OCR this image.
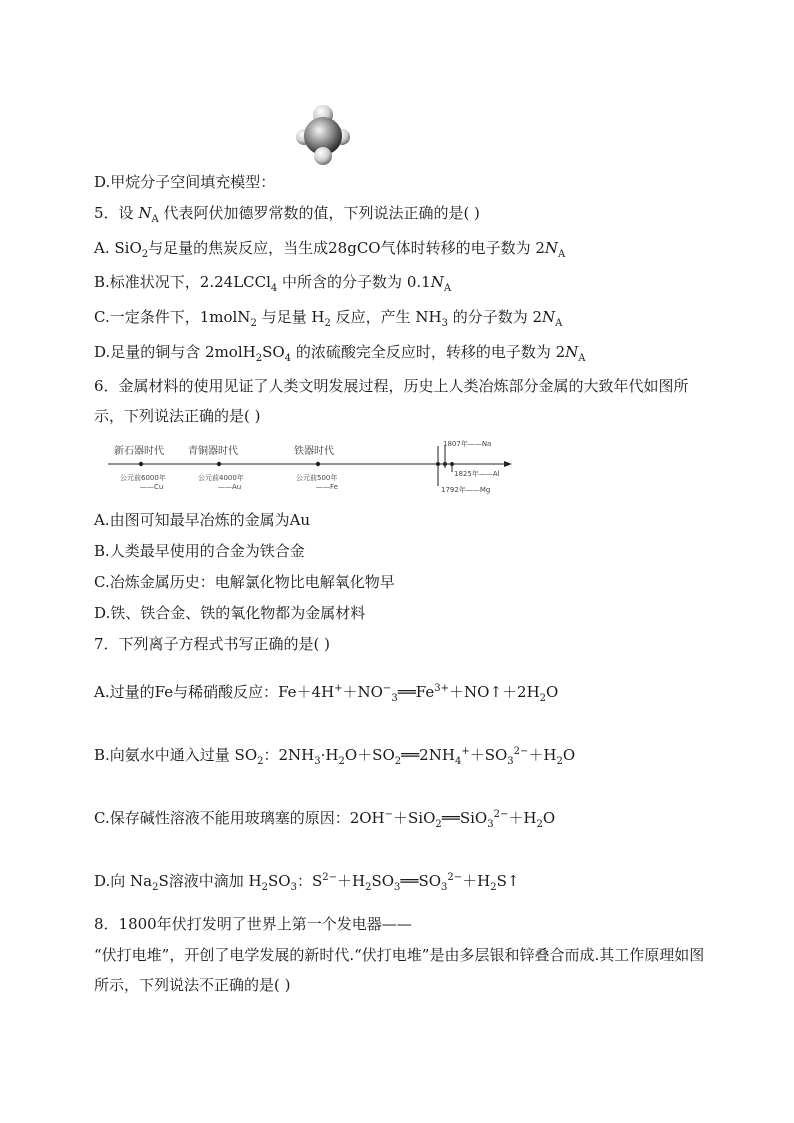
D.甲烷分子空间填充模型：
5．设 $N_A$ 代表阿伏加德罗常数的值，下列说法正确的是( )
A. SiO$_2$与足量的焦炭反应，当生成28gCO气体时转移的电子数为 $2N_A$
B.标准状况下，2.24LCCl$_4$ 中所含的分子数为 $0.1N_A$
C.一定条件下，1molN$_2$ 与足量 $H_2$ 反应，产生 $NH_3$ 的分子数为 $2N_A$
D.足量的铜与含 $2molH_2SO_4$ 的浓硫酸完全反应时，转移的电子数为 $2N_A$
6．金属材料的使用见证了人类文明发展过程，历史上人类冶炼部分金属的大致年代如图所示，下列说法正确的是( )
新石器时代 青铜器时代	铁器时代
公元前6000年
——Cu
公元前4000年
——Au
公元前500年
——Fe
1807年——Na
1825年——Al
1792年——Mg
A.由图可知最早冶炼的金属为Au
B.人类最早使用的合金为铁合金
C.冶炼金属历史：电解氯化物比电解氧化物早
D.铁、铁合金、铁的氧化物都为金属材料
7．下列离子方程式书写正确的是( )
A.过量的Fe与稀硝酸反应：$Fe+4H^++NO^-_3══Fe^{3+}+NO↑+2H_2O$
B.向氨水中通入过量 $SO_2$：$2NH_3\cdot H_2O+SO_2══2NH_4^++SO_3^{2-}+H_2O$
C.保存碱性溶液不能用玻璃塞的原因：$2OH^-+SiO_2══SiO_3^{2-}+H_2O$
D.向 $Na_2S$溶液中滴加 $H_2SO_3$：$S^{2-}+H_2SO_3══SO_3^{2-}+H_2S↑$
8．1800年伏打发明了世界上第一个发电器——
“伏打电堆”，开创了电学发展的新时代.“伏打电堆”是由多层银和锌叠合而成.其工作原理如图所示，下列说法不正确的是( )
